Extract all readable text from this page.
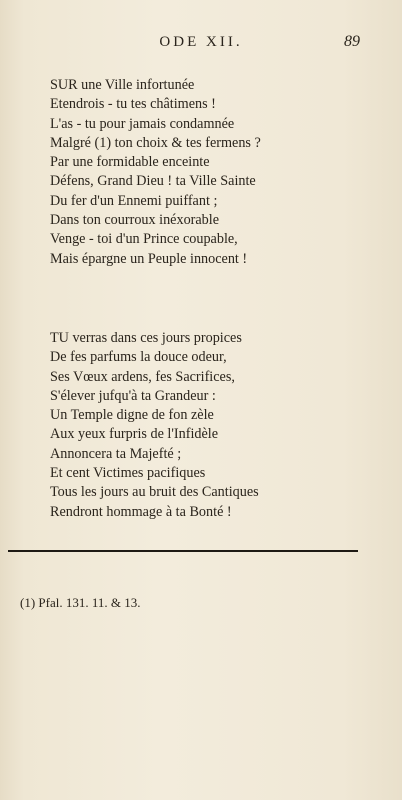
ODE XII.	89
SUR une Ville infortunée
Etendrois - tu tes châtimens !
L'as - tu pour jamais condamnée
Malgré (1) ton choix & tes fermens ?
Par une formidable enceinte
Défens, Grand Dieu ! ta Ville Sainte
Du fer d'un Ennemi puiffant ;
Dans ton courroux inéxorable
Venge - toi d'un Prince coupable,
Mais épargne un Peuple innocent !
TU verras dans ces jours propices
De fes parfums la douce odeur,
Ses Vœux ardens, fes Sacrifices,
S'élever jufqu'à ta Grandeur :
Un Temple digne de fon zèle
Aux yeux furpris de l'Infidèle
Annoncera ta Majefté ;
Et cent Victimes pacifiques
Tous les jours au bruit des Cantiques
Rendront hommage à ta Bonté !
(1) Pfal. 131. 11. & 13.
